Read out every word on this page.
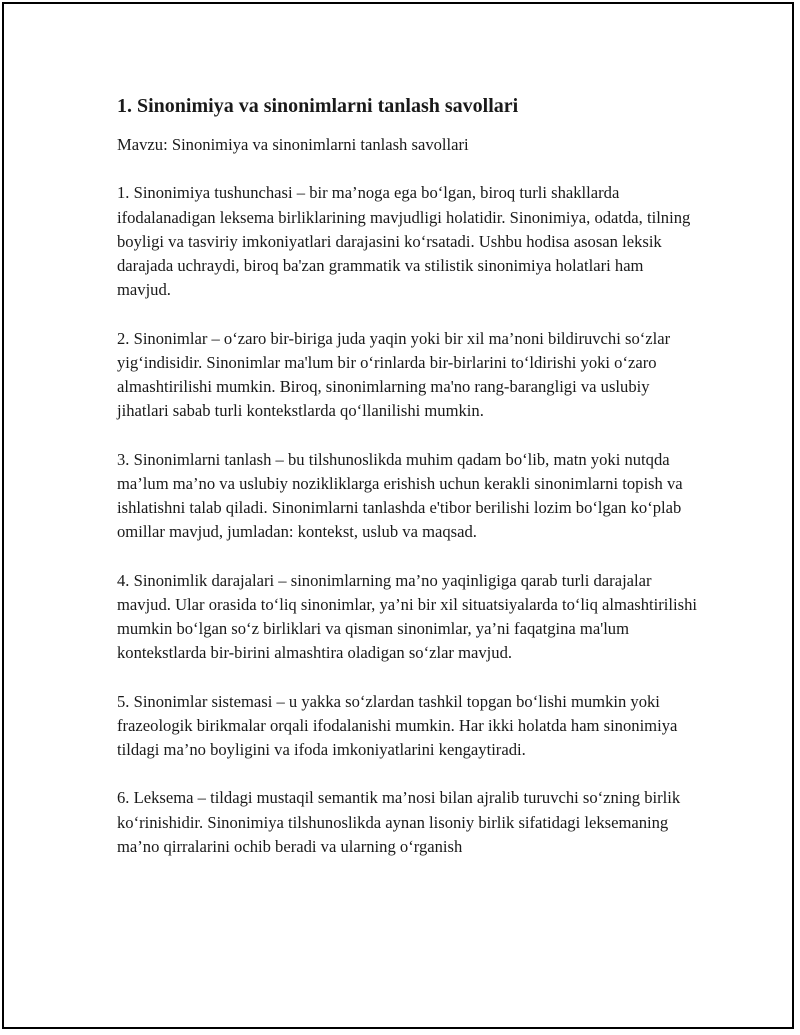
1. Sinonimiya va sinonimlarni tanlash savollari

Mavzu: Sinonimiya va sinonimlarni tanlash savollari

1. Sinonimiya tushunchasi – bir ma’noga ega bo‘lgan, biroq turli shakllarda ifodalanadigan leksema birliklarining mavjudligi holatidir. Sinonimiya, odatda, tilning boyligi va tasviriy imkoniyatlari darajasini ko‘rsatadi. Ushbu hodisa asosan leksik darajada uchraydi, biroq ba'zan grammatik va stilistik sinonimiya holatlari ham mavjud.

2. Sinonimlar – o‘zaro bir-biriga juda yaqin yoki bir xil ma’noni bildiruvchi so‘zlar yig‘indisidir. Sinonimlar ma'lum bir o‘rinlarda bir-birlarini to‘ldirishi yoki o‘zaro almashtirilishi mumkin. Biroq, sinonimlarning ma'no rang-barangligi va uslubiy jihatlari sabab turli kontekstlarda qo‘llanilishi mumkin.

3. Sinonimlarni tanlash – bu tilshunoslikda muhim qadam bo‘lib, matn yoki nutqda ma’lum ma’no va uslubiy nozikliklarga erishish uchun kerakli sinonimlarni topish va ishlatishni talab qiladi. Sinonimlarni tanlashda e'tibor berilishi lozim bo‘lgan ko‘plab omillar mavjud, jumladan: kontekst, uslub va maqsad.

4. Sinonimlik darajalari – sinonimlarning ma’no yaqinligiga qarab turli darajalar mavjud. Ular orasida to‘liq sinonimlar, ya’ni bir xil situatsiyalarda to‘liq almashtirilishi mumkin bo‘lgan so‘z birliklari va qisman sinonimlar, ya’ni faqatgina ma'lum kontekstlarda bir-birini almashtira oladigan so‘zlar mavjud.

5. Sinonimlar sistemasi – u yakka so‘zlardan tashkil topgan bo‘lishi mumkin yoki frazeologik birikmalar orqali ifodalanishi mumkin. Har ikki holatda ham sinonimiya tildagi ma’no boyligini va ifoda imkoniyatlarini kengaytiradi.

6. Leksema – tildagi mustaqil semantik ma’nosi bilan ajralib turuvchi so‘zning birlik ko‘rinishidir. Sinonimiya tilshunoslikda aynan lisoniy birlik sifatidagi leksemaning ma’no qirralarini ochib beradi va ularning o‘rganish
